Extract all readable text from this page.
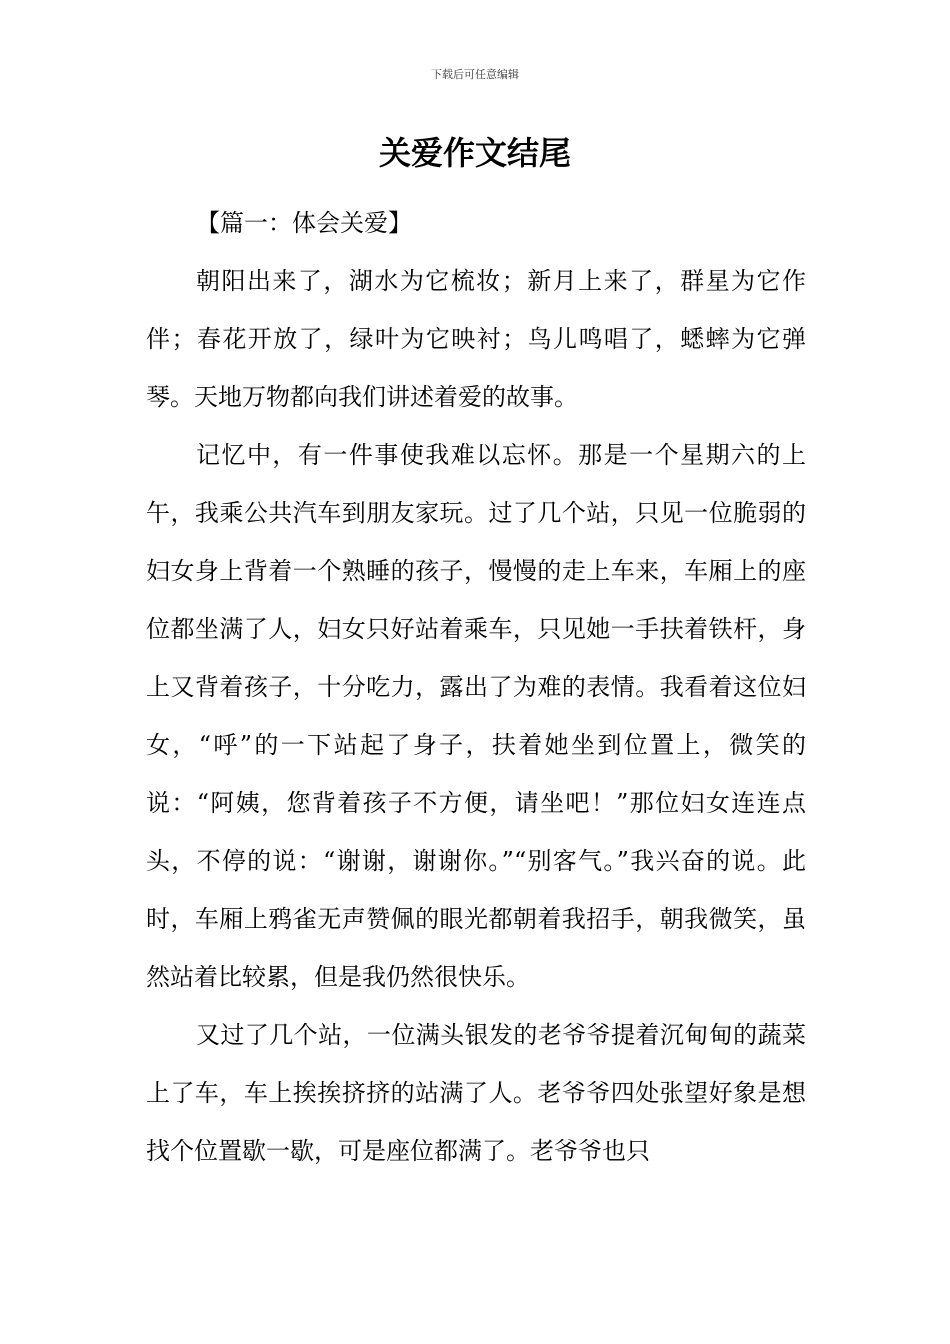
下载后可任意编辑
关爱作文结尾

【篇一：体会关爱】

朝阳出来了，湖水为它梳妆；新月上来了，群星为它作伴；春花开放了，绿叶为它映衬；鸟儿鸣唱了，蟋蟀为它弹琴。天地万物都向我们讲述着爱的故事。

记忆中，有一件事使我难以忘怀。那是一个星期六的上午，我乘公共汽车到朋友家玩。过了几个站，只见一位脆弱的妇女身上背着一个熟睡的孩子，慢慢的走上车来，车厢上的座位都坐满了人，妇女只好站着乘车，只见她一手扶着铁杆，身上又背着孩子，十分吃力，露出了为难的表情。我看着这位妇女，“呼”的一下站起了身子，扶着她坐到位置上，微笑的说：“阿姨，您背着孩子不方便，请坐吧！”那位妇女连连点头，不停的说：“谢谢，谢谢你。”“别客气。”我兴奋的说。此时，车厢上鸦雀无声赞佩的眼光都朝着我招手，朝我微笑，虽然站着比较累，但是我仍然很快乐。

又过了几个站，一位满头银发的老爷爷提着沉甸甸的蔬菜上了车，车上挨挨挤挤的站满了人。老爷爷四处张望好象是想找个位置歇一歇，可是座位都满了。老爷爷也只
